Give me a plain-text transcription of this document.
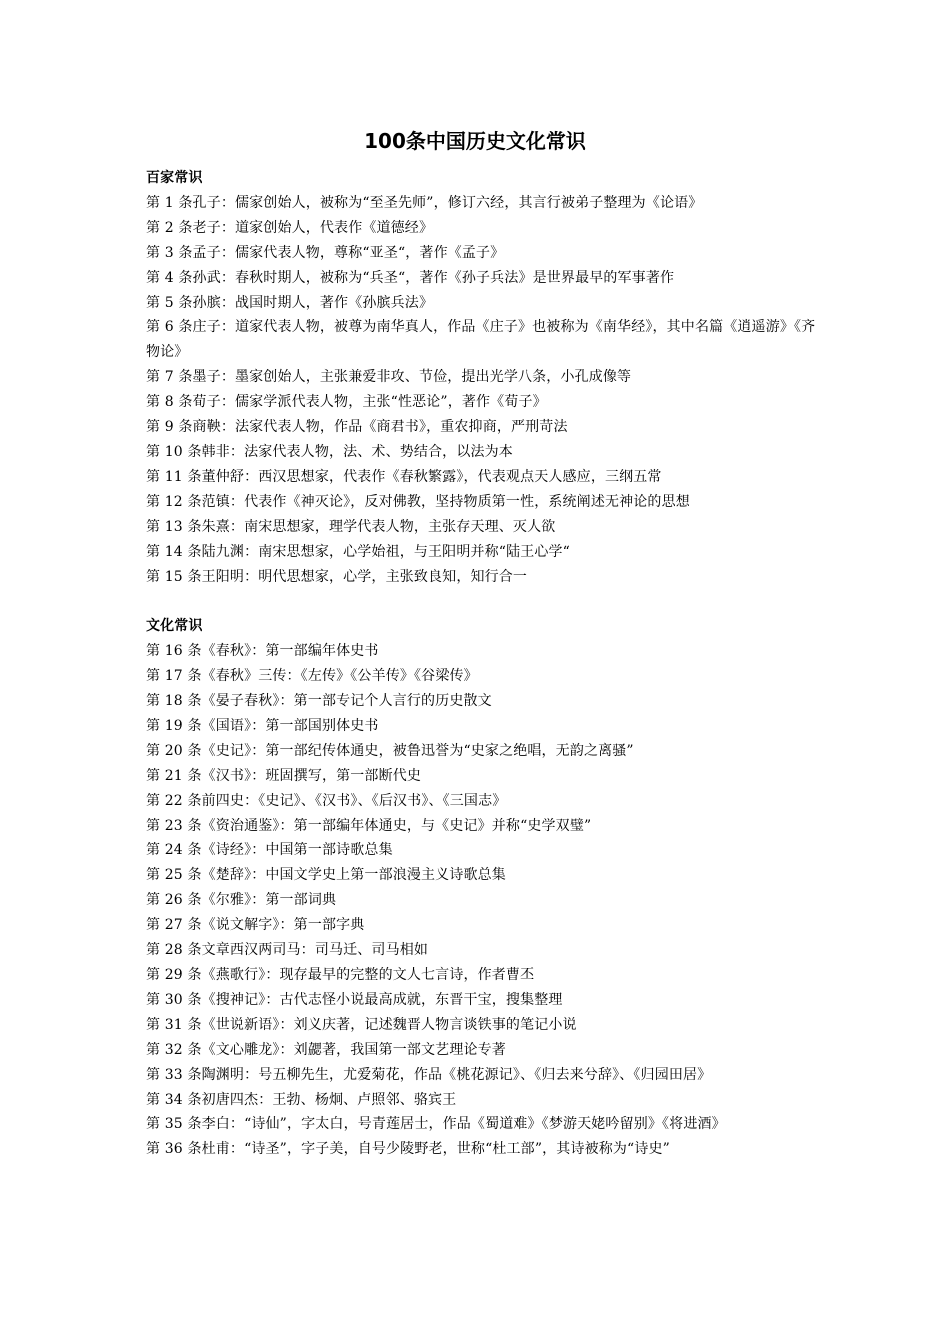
100条中国历史文化常识

百家常识

第 1 条孔子：儒家创始人，被称为“至圣先师”，修订六经，其言行被弟子整理为《论语》

第 2 条老子：道家创始人，代表作《道德经》

第 3 条孟子：儒家代表人物，尊称“亚圣“，著作《孟子》

第 4 条孙武：春秋时期人，被称为“兵圣“，著作《孙子兵法》是世界最早的军事著作

第 5 条孙膑：战国时期人，著作《孙膑兵法》

第 6 条庄子：道家代表人物，被尊为南华真人，作品《庄子》也被称为《南华经》，其中名篇《逍遥游》《齐物论》

第 7 条墨子：墨家创始人，主张兼爱非攻、节俭，提出光学八条，小孔成像等

第 8 条荀子：儒家学派代表人物，主张“性恶论”，著作《荀子》

第 9 条商鞅：法家代表人物，作品《商君书》，重农抑商，严刑苛法

第 10 条韩非：法家代表人物，法、术、势结合，以法为本

第 11 条董仲舒：西汉思想家，代表作《春秋繁露》，代表观点天人感应，三纲五常

第 12 条范镇：代表作《神灭论》，反对佛教，坚持物质第一性，系统阐述无神论的思想

第 13 条朱熹：南宋思想家，理学代表人物，主张存天理、灭人欲

第 14 条陆九渊：南宋思想家，心学始祖，与王阳明并称“陆王心学“

第 15 条王阳明：明代思想家，心学，主张致良知，知行合一

文化常识

第 16 条《春秋》：第一部编年体史书

第 17 条《春秋》三传：《左传》《公羊传》《谷梁传》

第 18 条《晏子春秋》：第一部专记个人言行的历史散文

第 19 条《国语》：第一部国别体史书

第 20 条《史记》：第一部纪传体通史，被鲁迅誉为“史家之绝唱，无韵之离骚”

第 21 条《汉书》：班固撰写，第一部断代史

第 22 条前四史：《史记》、《汉书》、《后汉书》、《三国志》

第 23 条《资治通鉴》：第一部编年体通史，与《史记》并称“史学双璧”

第 24 条《诗经》：中国第一部诗歌总集

第 25 条《楚辞》：中国文学史上第一部浪漫主义诗歌总集

第 26 条《尔雅》：第一部词典

第 27 条《说文解字》：第一部字典

第 28 条文章西汉两司马：司马迁、司马相如

第 29 条《燕歌行》：现存最早的完整的文人七言诗，作者曹丕

第 30 条《搜神记》：古代志怪小说最高成就，东晋干宝，搜集整理

第 31 条《世说新语》：刘义庆著，记述魏晋人物言谈铁事的笔记小说

第 32 条《文心雕龙》：刘勰著，我国第一部文艺理论专著

第 33 条陶渊明：号五柳先生，尤爱菊花，作品《桃花源记》、《归去来兮辞》、《归园田居》

第 34 条初唐四杰：王勃、杨炯、卢照邻、骆宾王

第 35 条李白：“诗仙”，字太白，号青莲居士，作品《蜀道难》《梦游天姥吟留别》《将进酒》

第 36 条杜甫：“诗圣”，字子美，自号少陵野老，世称“杜工部”，其诗被称为“诗史”
